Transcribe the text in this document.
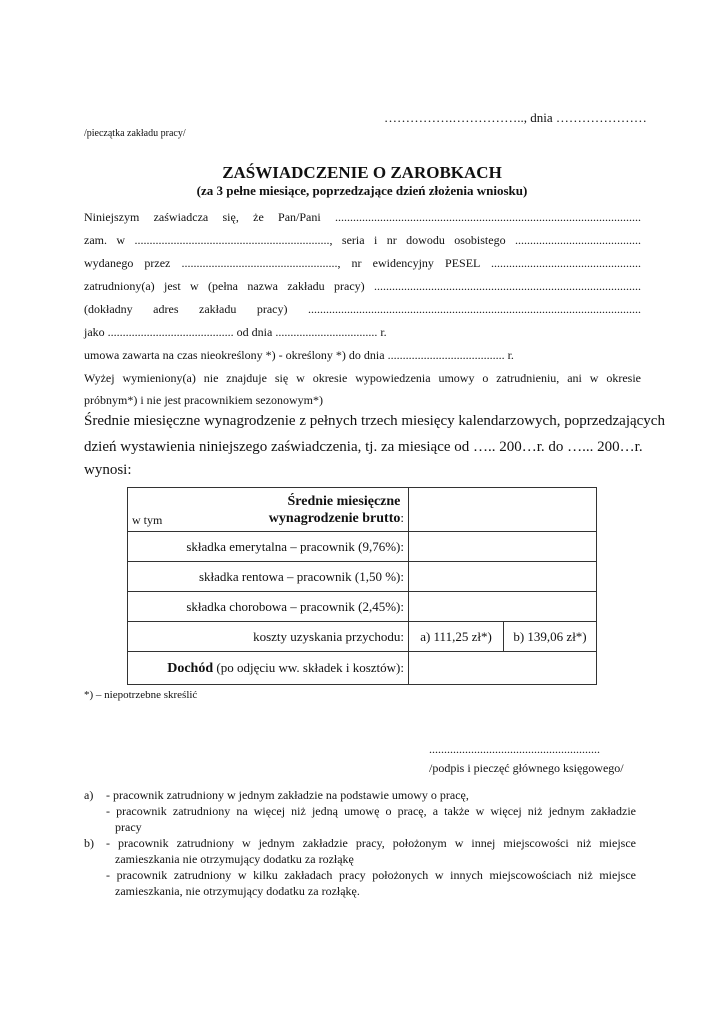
…………….…………….., dnia …………………
/pieczątka zakładu pracy/
ZAŚWIADCZENIE O ZAROBKACH
(za 3 pełne miesiące, poprzedzające dzień złożenia wniosku)
Niniejszym zaświadcza się, że Pan/Pani ......................................................................................................
zam. w ................................................................., seria i nr dowodu osobistego ..........................................
wydanego przez ...................................................., nr ewidencyjny PESEL ..................................................
zatrudniony(a) jest w (pełna nazwa zakładu pracy) .........................................................................................
(dokładny adres zakładu pracy) ...............................................................................................................
jako .......................................... od dnia .................................. r.
umowa zawarta na czas nieokreślony *) - określony *) do dnia ....................................... r.
Wyżej wymieniony(a) nie znajduje się w okresie wypowiedzenia umowy o zatrudnieniu, ani w okresie
próbnym*) i nie jest pracownikiem sezonowym*)
Średnie miesięczne wynagrodzenie z pełnych trzech miesięcy kalendarzowych, poprzedzających
dzień wystawienia niniejszego zaświadczenia, tj. za miesiące od ….. 200…r. do …... 200…r.
wynosi:
w tym
Średnie miesięczne wynagrodzenie brutto:		
składka emerytalna – pracownik (9,76%):		
składka rentowa – pracownik (1,50 %):		
składka chorobowa – pracownik (2,45%):		
koszty uzyskania przychodu:	a) 111,25 zł*)	b) 139,06 zł*)
Dochód (po odjęciu ww. składek i kosztów):		
*) – niepotrzebne skreślić
.........................................................
/podpis i pieczęć głównego księgowego/
a) - pracownik zatrudniony w jednym zakładzie na podstawie umowy o pracę,
- pracownik zatrudniony na więcej niż jedną umowę o pracę, a także w więcej niż jednym zakładzie
pracy
b) - pracownik zatrudniony w jednym zakładzie pracy, położonym w innej miejscowości niż miejsce
zamieszkania nie otrzymujący dodatku za rozłąkę
- pracownik zatrudniony w kilku zakładach pracy położonych w innych miejscowościach niż miejsce
zamieszkania, nie otrzymujący dodatku za rozłąkę.
